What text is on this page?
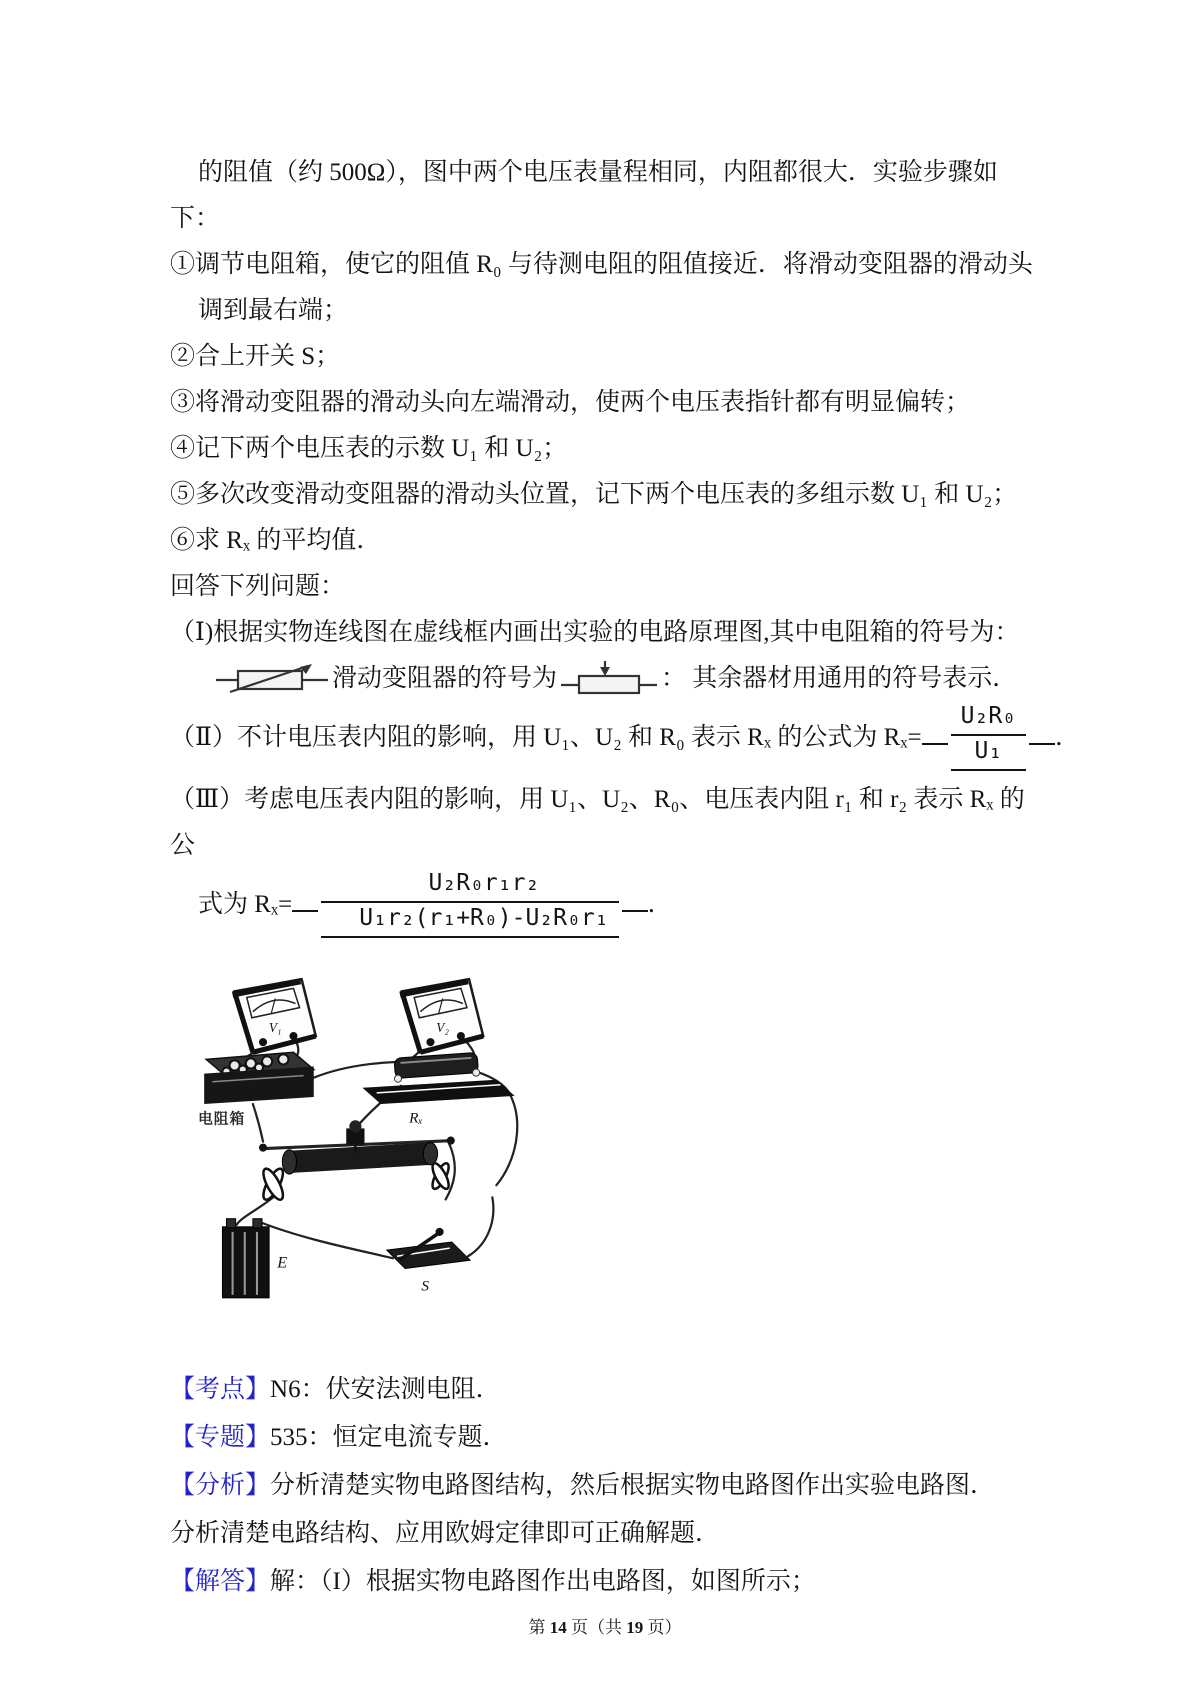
的阻值（约 500Ω），图中两个电压表量程相同，内阻都很大．实验步骤如下：

①调节电阻箱，使它的阻值 R₀ 与待测电阻的阻值接近．将滑动变阻器的滑动头

调到最右端；

②合上开关 S；

③将滑动变阻器的滑动头向左端滑动，使两个电压表指针都有明显偏转；

④记下两个电压表的示数 U₁ 和 U₂；

⑤多次改变滑动变阻器的滑动头位置，记下两个电压表的多组示数 U₁ 和 U₂；

⑥求 Rₓ 的平均值．

回答下列问题：

（Ⅰ)根据实物连线图在虚线框内画出实验的电路原理图,其中电阻箱的符号为：

滑动变阻器的符号为	： 其余器材用通用的符号表示．

（Ⅱ）不计电压表内阻的影响，用 U₁、U₂ 和 R₀ 表示 Rₓ 的公式为 $R_x= \frac{\text{U₂R₀}}{\text{U₁}}$ ．

（Ⅲ）考虑电压表内阻的影响，用 U₁、U₂、R₀、电压表内阻 r₁ 和 r₂ 表示 Rₓ 的公

式为 $R_x= \frac{\text{U₂R₀r₁r₂}}{\text{U₁r₂(r₁+R₀)-U₂R₀r₁}}$ ．

V₁	V₂
电阻箱	Rₓ
E
S

【考点】N6：伏安法测电阻．

【专题】535：恒定电流专题．

【分析】分析清楚实物电路图结构，然后根据实物电路图作出实验电路图．

分析清楚电路结构、应用欧姆定律即可正确解题．

【解答】解：（I）根据实物电路图作出电路图，如图所示；

第 14 页（共 19 页）
